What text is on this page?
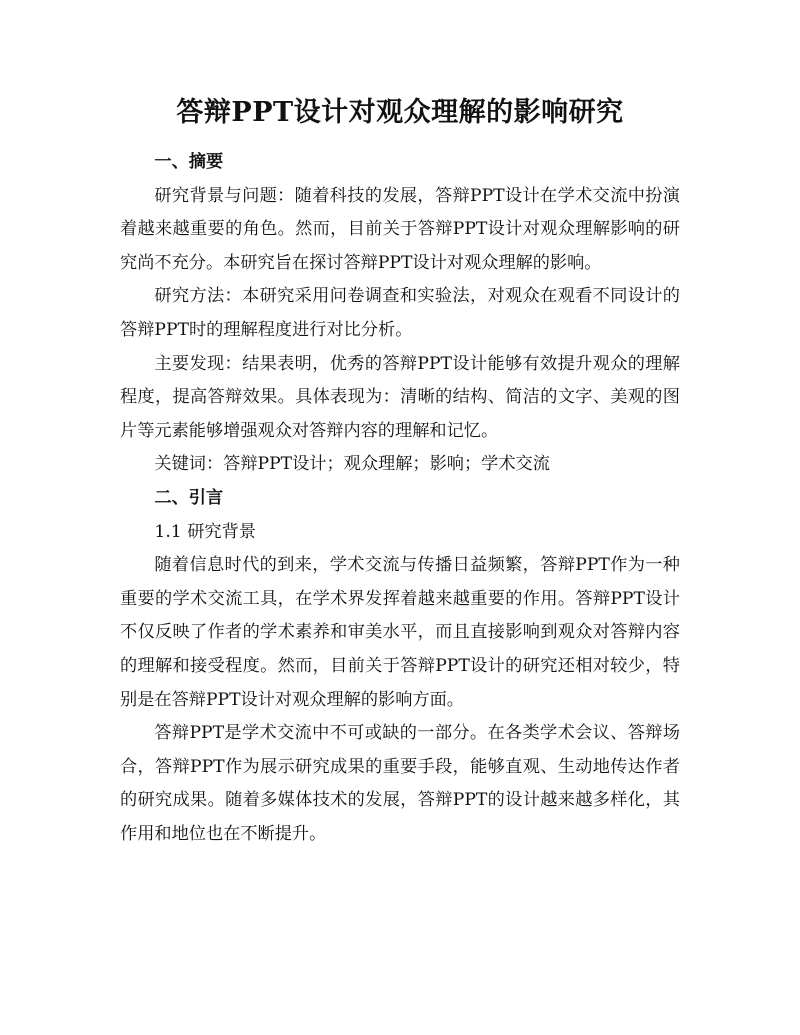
答辩PPT设计对观众理解的影响研究

一、摘要

研究背景与问题：随着科技的发展，答辩PPT设计在学术交流中扮演着越来越重要的角色。然而，目前关于答辩PPT设计对观众理解影响的研究尚不充分。本研究旨在探讨答辩PPT设计对观众理解的影响。

研究方法：本研究采用问卷调查和实验法，对观众在观看不同设计的答辩PPT时的理解程度进行对比分析。

主要发现：结果表明，优秀的答辩PPT设计能够有效提升观众的理解程度，提高答辩效果。具体表现为：清晰的结构、简洁的文字、美观的图片等元素能够增强观众对答辩内容的理解和记忆。

关键词：答辩PPT设计；观众理解；影响；学术交流

二、引言

1.1 研究背景

随着信息时代的到来，学术交流与传播日益频繁，答辩PPT作为一种重要的学术交流工具，在学术界发挥着越来越重要的作用。答辩PPT设计不仅反映了作者的学术素养和审美水平，而且直接影响到观众对答辩内容的理解和接受程度。然而，目前关于答辩PPT设计的研究还相对较少，特别是在答辩PPT设计对观众理解的影响方面。

答辩PPT是学术交流中不可或缺的一部分。在各类学术会议、答辩场合，答辩PPT作为展示研究成果的重要手段，能够直观、生动地传达作者的研究成果。随着多媒体技术的发展，答辩PPT的设计越来越多样化，其作用和地位也在不断提升。
